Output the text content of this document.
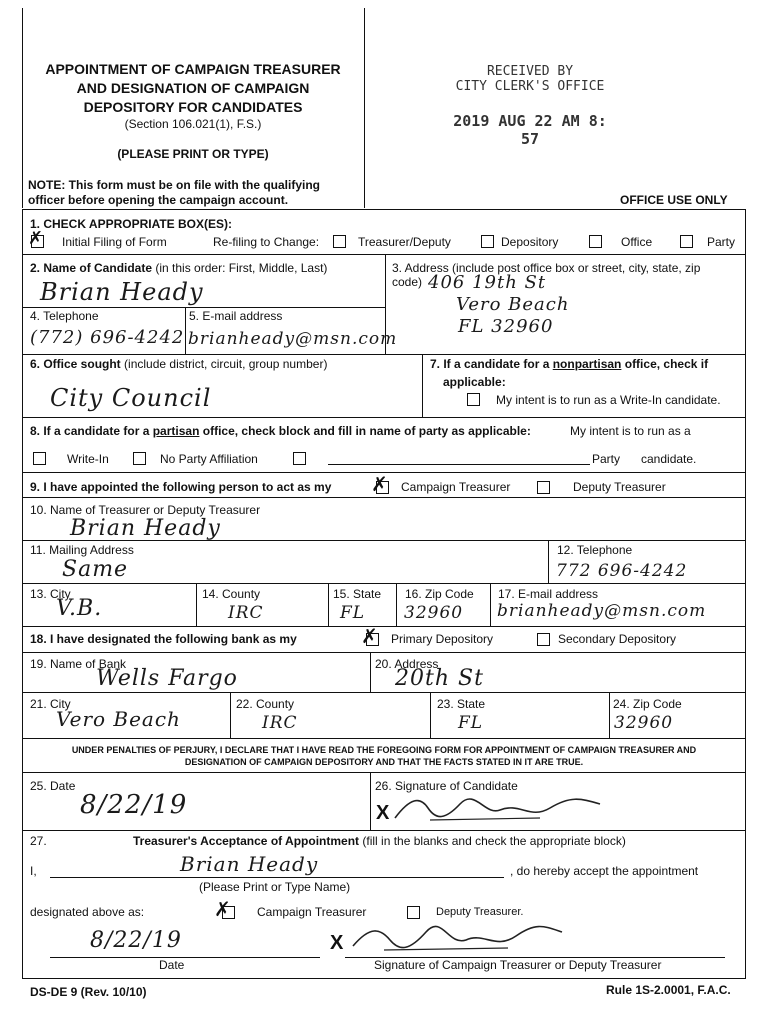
APPOINTMENT OF CAMPAIGN TREASURER
AND DESIGNATION OF CAMPAIGN
DEPOSITORY FOR CANDIDATES
(Section 106.021(1), F.S.)
(PLEASE PRINT OR TYPE)
NOTE: This form must be on file with the qualifying
officer before opening the campaign account.
RECEIVED BY
CITY CLERK'S OFFICE
2019 AUG 22 AM 8: 57
OFFICE USE ONLY
1. CHECK APPROPRIATE BOX(ES):
✗ Initial Filing of Form	Re-filing to Change:	Treasurer/Deputy	Depository	Office	Party
2. Name of Candidate (in this order: First, Middle, Last)
Brian Heady
3. Address (include post office box or street, city, state, zip
code) 406 19th St
Vero Beach
FL 32960
4. Telephone	5. E-mail address
(772) 696-4242 brianheady@msn.com
6. Office sought (include district, circuit, group number)
City Council
7. If a candidate for a nonpartisan office, check if
applicable:
My intent is to run as a Write-In candidate.
8. If a candidate for a partisan office, check block and fill in name of party as applicable:	My intent is to run as a
Write-In	No Party Affiliation	Party candidate.
9. I have appointed the following person to act as my ✗ Campaign Treasurer	Deputy Treasurer
10. Name of Treasurer or Deputy Treasurer
Brian Heady
11. Mailing Address
Same
12. Telephone
772 696-4242
13. City
V.B.
14. County
IRC
15. State
FL
16. Zip Code
32960
17. E-mail address
brianheady@msn.com
18. I have designated the following bank as my	✗ Primary Depository	Secondary Depository
19. Name of Bank
Wells Fargo
20. Address
20th St
21. City
Vero Beach
22. County
IRC
23. State
FL
24. Zip Code
32960
UNDER PENALTIES OF PERJURY, I DECLARE THAT I HAVE READ THE FOREGOING FORM FOR APPOINTMENT OF CAMPAIGN TREASURER AND
DESIGNATION OF CAMPAIGN DEPOSITORY AND THAT THE FACTS STATED IN IT ARE TRUE.
25. Date
8/22/19
26. Signature of Candidate
X
27.	Treasurer's Acceptance of Appointment (fill in the blanks and check the appropriate block)
I,	Brian Heady	, do hereby accept the appointment
(Please Print or Type Name)
designated above as:	✗ Campaign Treasurer	Deputy Treasurer.
8/22/19
Date
X
Signature of Campaign Treasurer or Deputy Treasurer
DS-DE 9 (Rev. 10/10)	Rule 1S-2.0001, F.A.C.
